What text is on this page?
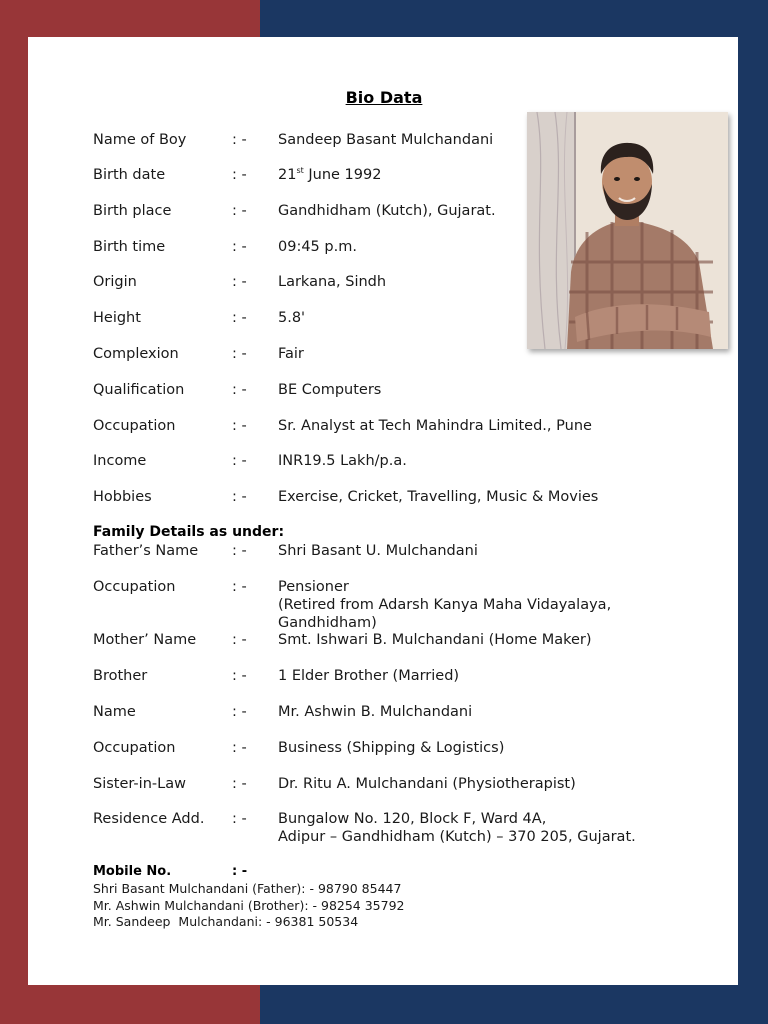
Bio Data
Name of Boy	: - Sandeep Basant Mulchandani
Birth date	: - 21st June 1992
Birth place	: - Gandhidham (Kutch), Gujarat.
Birth time	: - 09:45 p.m.
Origin	: - Larkana, Sindh
Height	: - 5.8'
Complexion	: - Fair
Qualification	: - BE Computers
Occupation	: - Sr. Analyst at Tech Mahindra Limited., Pune
Income	: - INR19.5 Lakh/p.a.
Hobbies	: - Exercise, Cricket, Travelling, Music & Movies
Family Details as under:
Father’s Name : - Shri Basant U. Mulchandani
Occupation	: - Pensioner
(Retired from Adarsh Kanya Maha Vidayalaya,
Gandhidham)
Mother’ Name : - Smt. Ishwari B. Mulchandani (Home Maker)
Brother	: - 1 Elder Brother (Married)
Name	: - Mr. Ashwin B. Mulchandani
Occupation	: - Business (Shipping & Logistics)
Sister-in-Law	: - Dr. Ritu A. Mulchandani (Physiotherapist)
Residence Add. : - Bungalow No. 120, Block F, Ward 4A,
Adipur – Gandhidham (Kutch) – 370 205, Gujarat.
Mobile No.	: -
Shri Basant Mulchandani (Father): - 98790 85447
Mr. Ashwin Mulchandani (Brother): - 98254 35792
Mr. Sandeep  Mulchandani: - 96381 50534
